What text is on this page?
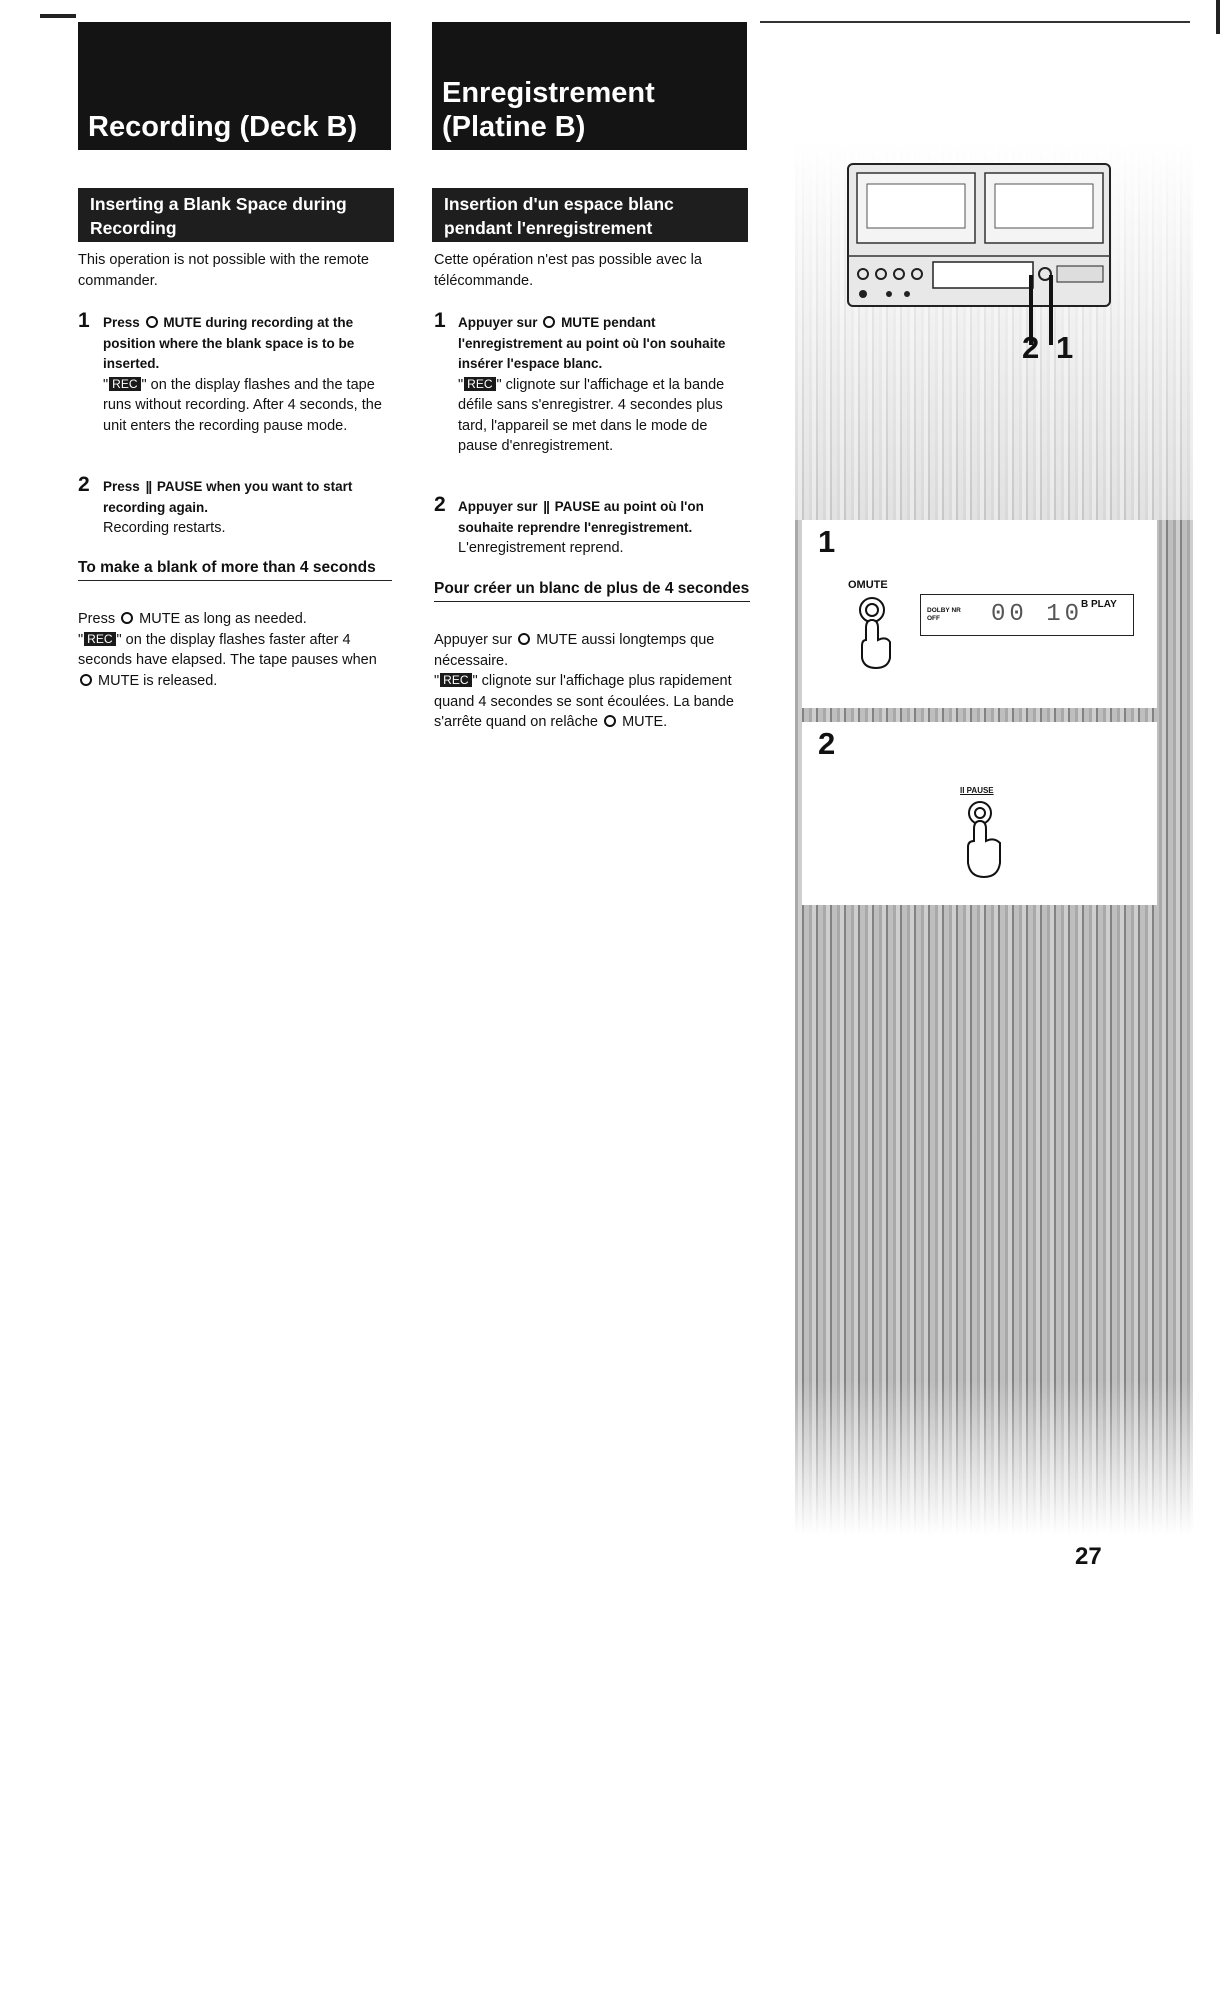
Recording (Deck B)
Inserting a Blank Space during Recording
This operation is not possible with the remote commander.
1 Press MUTE during recording at the position where the blank space is to be inserted.
" REC " on the display flashes and the tape runs without recording. After 4 seconds, the unit enters the recording pause mode.
2 Press || PAUSE when you want to start recording again.
Recording restarts.
To make a blank of more than 4 seconds
Press MUTE as long as needed.
" REC " on the display flashes faster after 4 seconds have elapsed. The tape pauses when  MUTE is released.
Enregistrement (Platine B)
Insertion d'un espace blanc pendant l'enregistrement
Cette opération n'est pas possible avec la télécommande.
1 Appuyer sur MUTE pendant l'enregistrement au point où l'on souhaite insérer l'espace blanc.
" REC " clignote sur l'affichage et la bande défile sans s'enregistrer. 4 secondes plus tard, l'appareil se met dans le mode de pause d'enregistrement.
2 Appuyer sur || PAUSE au point où l'on souhaite reprendre l'enregistrement.
L'enregistrement reprend.
Pour créer un blanc de plus de 4 secondes
Appuyer sur MUTE aussi longtemps que nécessaire.
" REC " clignote sur l'affichage plus rapidement quand 4 secondes se sont écoulées. La bande s'arrête quand on relâche MUTE.
2 1
1
OMUTE
DOLBY NR OFF	00 10
B PLAY
2
II PAUSE
27
